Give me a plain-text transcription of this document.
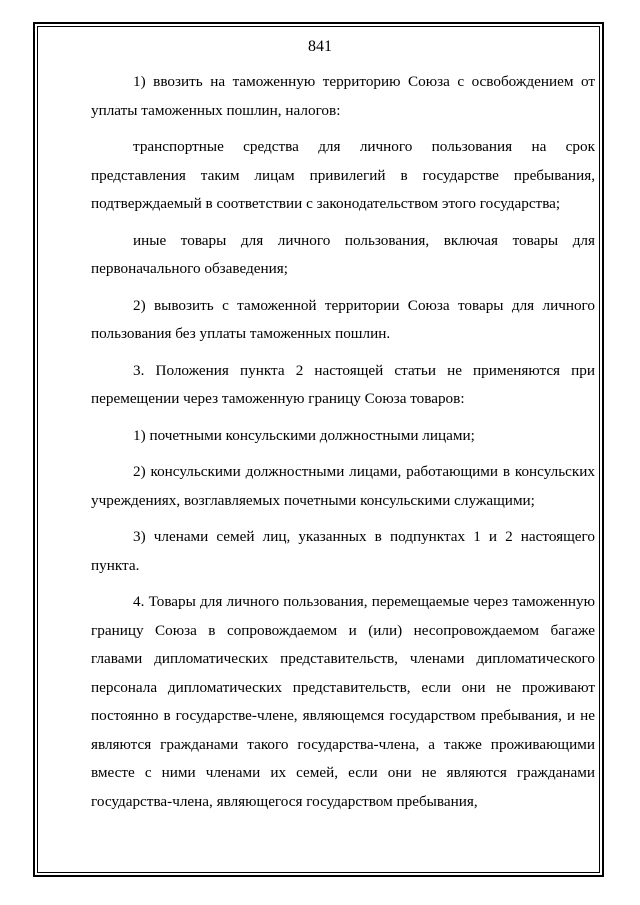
841

1) ввозить на таможенную территорию Союза с освобождением от уплаты таможенных пошлин, налогов:

транспортные средства для личного пользования на срок представления таким лицам привилегий в государстве пребывания, подтверждаемый в соответствии с законодательством этого государства;

иные товары для личного пользования, включая товары для первоначального обзаведения;

2) вывозить с таможенной территории Союза товары для личного пользования без уплаты таможенных пошлин.

3. Положения пункта 2 настоящей статьи не применяются при перемещении через таможенную границу Союза товаров:

1) почетными консульскими должностными лицами;

2) консульскими должностными лицами, работающими в консульских учреждениях, возглавляемых почетными консульскими служащими;

3) членами семей лиц, указанных в подпунктах 1 и 2 настоящего пункта.

4. Товары для личного пользования, перемещаемые через таможенную границу Союза в сопровождаемом и (или) несопровождаемом багаже главами дипломатических представительств, членами дипломатического персонала дипломатических представительств, если они не проживают постоянно в государстве-члене, являющемся государством пребывания, и не являются гражданами такого государства-члена, а также проживающими вместе с ними членами их семей, если они не являются гражданами государства-члена, являющегося государством пребывания,
